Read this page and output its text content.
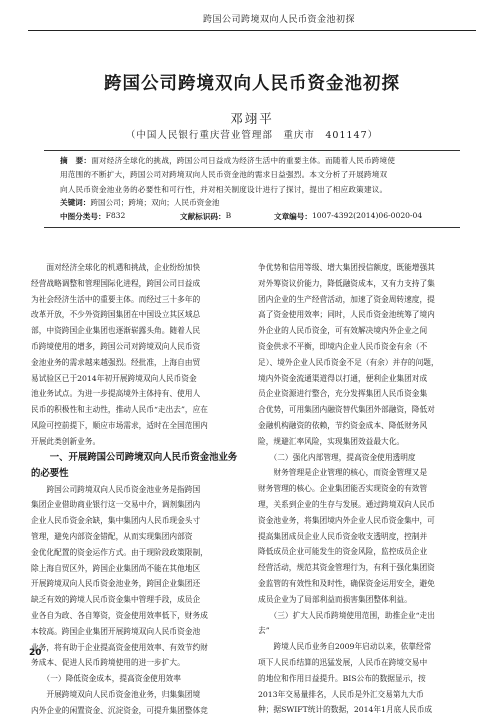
跨国公司跨境双向人民币资金池初探
跨国公司跨境双向人民币资金池初探
邓翊平
（中国人民银行重庆营业管理部　重庆市　401147）
摘　要：面对经济全球化的挑战，跨国公司日益成为经济生活中的重要主体。而随着人民币跨境使
用范围的不断扩大，跨国公司对跨境双向人民币资金池的需求日益强烈。本文分析了开展跨境双
向人民币资金池业务的必要性和可行性，并对相关制度设计进行了探讨，提出了相应政策建议。
关键词： 跨国公司；跨境；双向；人民币资金池
中图分类号： F832	文献标识码： B	文章编号： 1007-4392(2014)06-0020-04

　　面对经济全球化的机遇和挑战，企业纷纷加快

经营战略调整和管理国际化进程，跨国公司日益成

为社会经济生活中的重要主体。而经过三十多年的

改革开放，不少外资跨国集团在中国设立其区域总

部，中资跨国企业集团也逐渐崭露头角。随着人民

币跨境使用的增多，跨国公司对跨境双向人民币资

金池业务的需求越来越强烈。经批准，上海自由贸

易试验区已于2014年初开展跨境双向人民币资金

池业务试点。为进一步提高境外主体持有、使用人

民币的积极性和主动性，推动人民币“走出去”，应在

风险可控前提下，顺应市场需求，适时在全国范围内

开展此类创新业务。

　　一、开展跨国公司跨境双向人民币资金池业务
的必要性

　　跨国公司跨境双向人民币资金池业务是指跨国

集团企业借助商业银行这一交易中介，调剂集团内

企业人民币资金余缺，集中集团内人民币现金头寸

管理，避免内部资金错配，从而实现集团内部资

金优化配置的资金运作方式。由于现阶段政策限制，

除上海自贸区外，跨国企业集团尚不能在其他地区

开展跨境双向人民币资金池业务，跨国企业集团还

缺乏有效的跨境人民币资金集中管理手段，成员企

业各自为政、各自筹资，资金使用效率低下，财务成

本较高。跨国企业集团开展跨境双向人民币资金池

业务，将有助于企业提高资金使用效率、有效节约财

务成本、促进人民币跨境使用的进一步扩大。

　　（一）降低资金成本，提高资金使用效率

　　开展跨境双向人民币资金池业务，归集集团境

内外企业的闲置资金、沉淀资金，可提升集团整体竞

争优势和信用等级、增大集团授信额度，既能增强其

对外筹资议价能力，降低融资成本，又有力支持了集

团内企业的生产经营活动，加速了资金周转速度，提

高了资金使用效率；同时，人民币资金池统筹了境内

外企业的人民币资金，可有效解决境内外企业之间

资金供求不平衡，即境内企业人民币资金有余（不

足）、境外企业人民币资金不足（有余）并存的问题，

境内外资金流通渠道得以打通，便利企业集团对成

员企业资源进行整合，充分发挥集团人民币资金集

合优势，可用集团内融资替代集团外部融资，降低对

金融机构融资的依赖，节约资金成本、降低财务风

险，规避汇率风险，实现集团效益最大化。

　　（二）强化内部管理，提高资金使用透明度

　　财务管理是企业管理的核心，而资金管理又是

财务管理的核心。企业集团能否实现资金的有效管

理，关系到企业的生存与发展。通过跨境双向人民币

资金池业务，将集团境内外企业人民币资金集中，可

提高集团成员企业人民币资金收支透明度，控制并

降低成员企业可能发生的资金风险，监控成员企业

经营活动，规范其资金管理行为，有利于强化集团资

金监管的有效性和及时性，确保资金运用安全，避免

成员企业为了局部利益而损害集团整体利益。

　　（三）扩大人民币跨境使用范围，助推企业“走出

去”

　　跨境人民币业务自2009年启动以来，依靠经常

项下人民币结算的迅猛发展，人民币在跨境交易中

的地位和作用日益提升。BIS公布的数据显示，按

2013年交易量排名，人民币是外汇交易第九大币

种；据SWIFT统计的数据，2014年1月底人民币成

20
